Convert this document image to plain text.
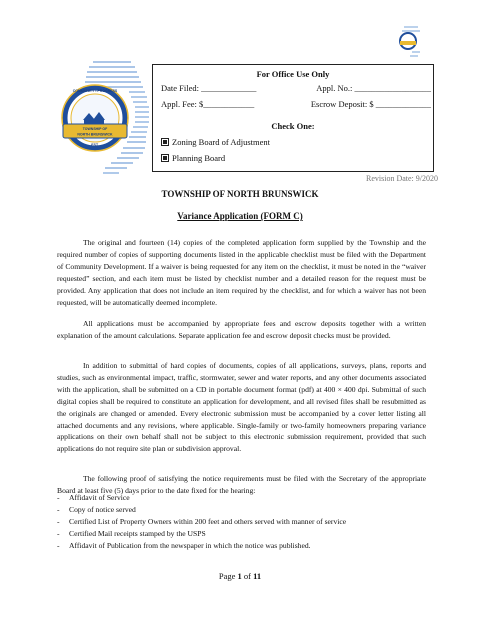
TOWNSHIP OF
NORTH BRUNSWICK
COMMUNITY • PROGRESS
EST.
For Office Use Only
Date Filed: _____________	Appl. No.: __________________
Appl. Fee: $____________	Escrow Deposit: $ _____________
Check One:
Zoning Board of Adjustment
Planning Board
Revision Date: 9/2020
TOWNSHIP OF NORTH BRUNSWICK
Variance Application (FORM C)

The original and fourteen (14) copies of the completed application form supplied by the Township and the required number of copies of supporting documents listed in the applicable checklist must be filed with the Department of Community Development. If a waiver is being requested for any item on the checklist, it must be noted in the “waiver requested” section, and each item must be listed by checklist number and a detailed reason for the request must be provided. Any application that does not include an item required by the checklist, and for which a waiver has not been requested, will be automatically deemed incomplete.

All applications must be accompanied by appropriate fees and escrow deposits together with a written explanation of the amount calculations. Separate application fee and escrow deposit checks must be provided.

In addition to submittal of hard copies of documents, copies of all applications, surveys, plans, reports and studies, such as environmental impact, traffic, stormwater, sewer and water reports, and any other documents associated with the application, shall be submitted on a CD in portable document format (pdf) at 400 × 400 dpi. Submittal of such digital copies shall be required to constitute an application for development, and all revised files shall be resubmitted as the originals are changed or amended. Every electronic submission must be accompanied by a cover letter listing all attached documents and any revisions, where applicable. Single-family or two-family homeowners preparing variance applications on their own behalf shall not be subject to this electronic submission requirement, provided that such applications do not require site plan or subdivision approval.

The following proof of satisfying the notice requirements must be filed with the Secretary of the appropriate Board at least five (5) days prior to the date fixed for the hearing:

- Affidavit of Service
- Copy of notice served
- Certified List of Property Owners within 200 feet and others served with manner of service
- Certified Mail receipts stamped by the USPS
- Affidavit of Publication from the newspaper in which the notice was published.
Page 1 of 11
